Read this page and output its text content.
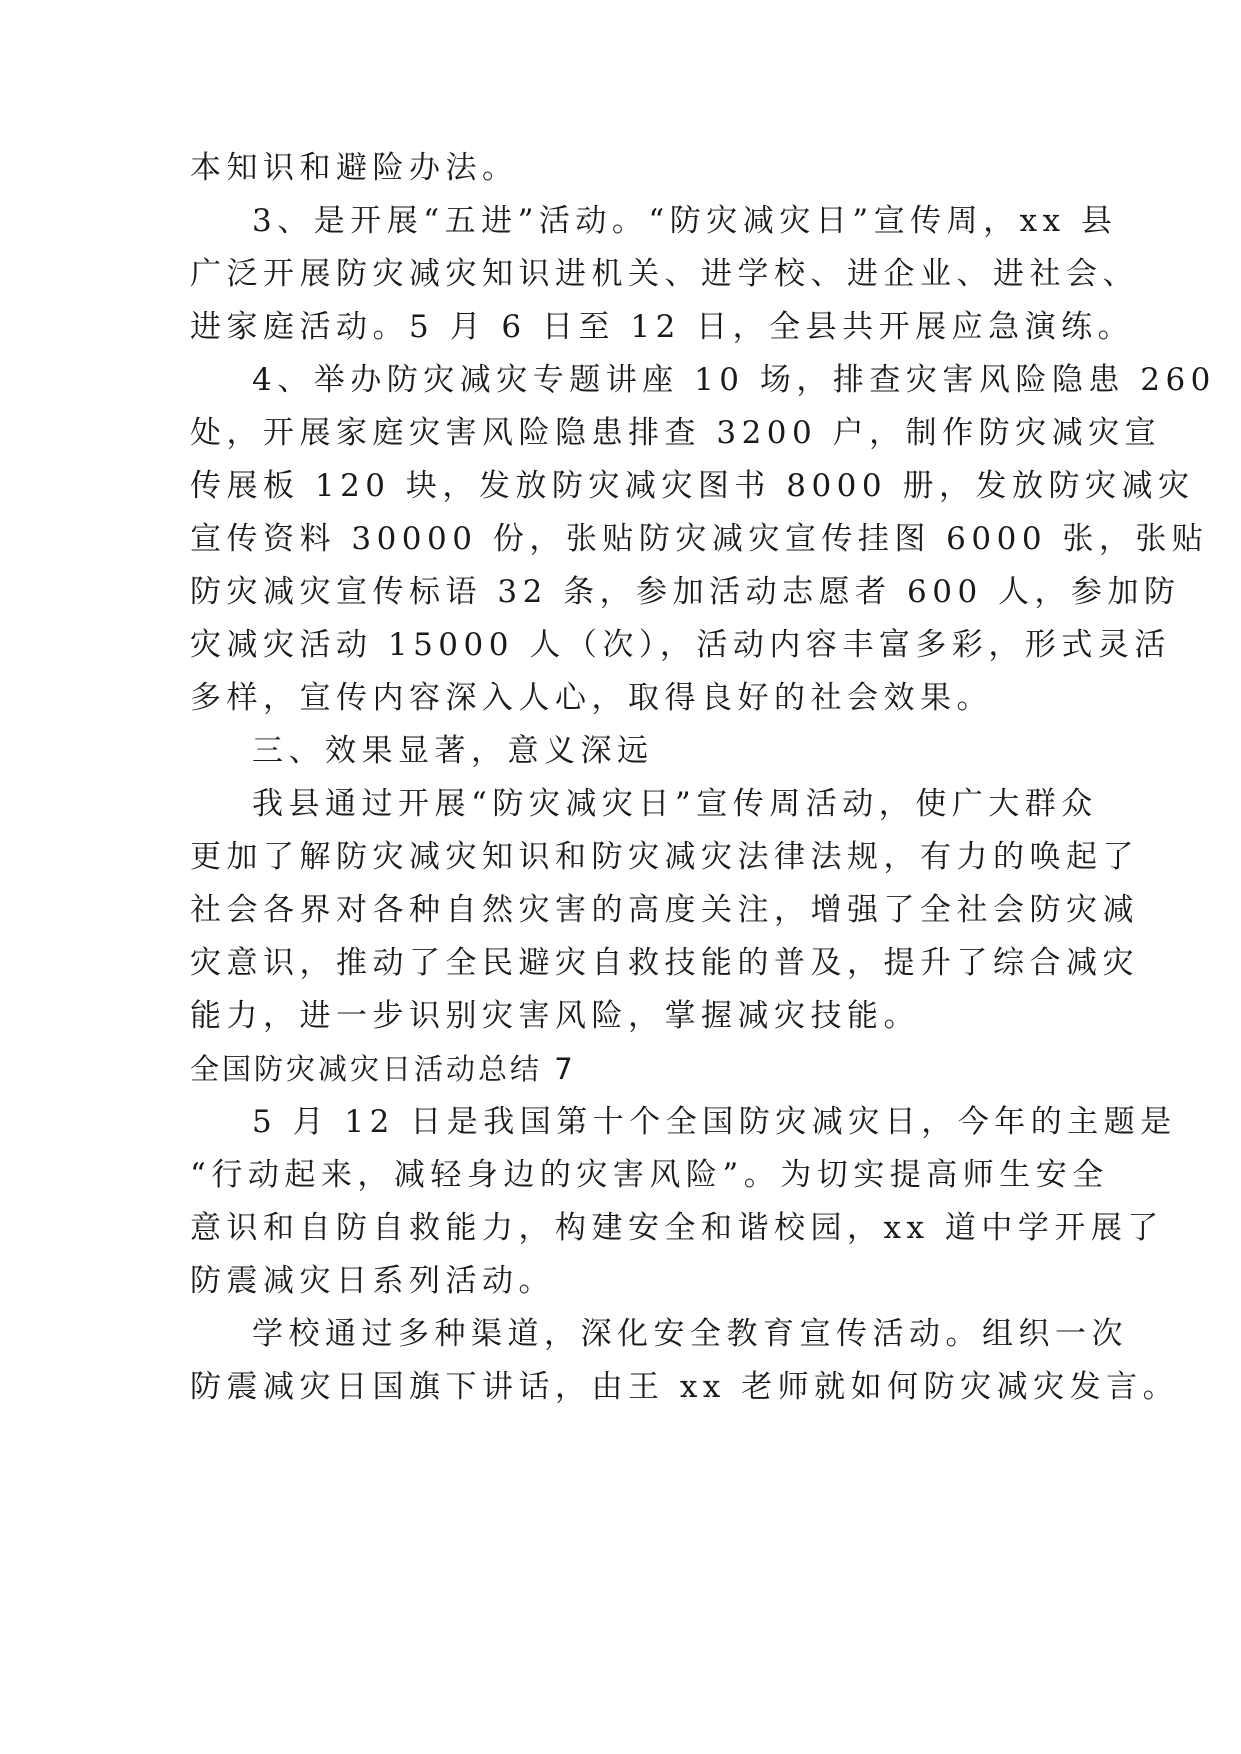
本知识和避险办法。
3、是开展“五进”活动。“防灾减灾日”宣传周，xx 县
广泛开展防灾减灾知识进机关、进学校、进企业、进社会、
进家庭活动。5 月 6 日至 12 日，全县共开展应急演练。
4、举办防灾减灾专题讲座 10 场，排查灾害风险隐患 260
处，开展家庭灾害风险隐患排查 3200 户，制作防灾减灾宣
传展板 120 块，发放防灾减灾图书 8000 册，发放防灾减灾
宣传资料 30000 份，张贴防灾减灾宣传挂图 6000 张，张贴
防灾减灾宣传标语 32 条，参加活动志愿者 600 人，参加防
灾减灾活动 15000 人（次），活动内容丰富多彩，形式灵活
多样，宣传内容深入人心，取得良好的社会效果。
三、效果显著，意义深远
我县通过开展“防灾减灾日”宣传周活动，使广大群众
更加了解防灾减灾知识和防灾减灾法律法规，有力的唤起了
社会各界对各种自然灾害的高度关注，增强了全社会防灾减
灾意识，推动了全民避灾自救技能的普及，提升了综合减灾
能力，进一步识别灾害风险，掌握减灾技能。
全国防灾减灾日活动总结 7
5 月 12 日是我国第十个全国防灾减灾日，今年的主题是
“行动起来，减轻身边的灾害风险”。为切实提高师生安全
意识和自防自救能力，构建安全和谐校园，xx 道中学开展了
防震减灾日系列活动。
学校通过多种渠道，深化安全教育宣传活动。组织一次
防震减灾日国旗下讲话，由王 xx 老师就如何防灾减灾发言。
